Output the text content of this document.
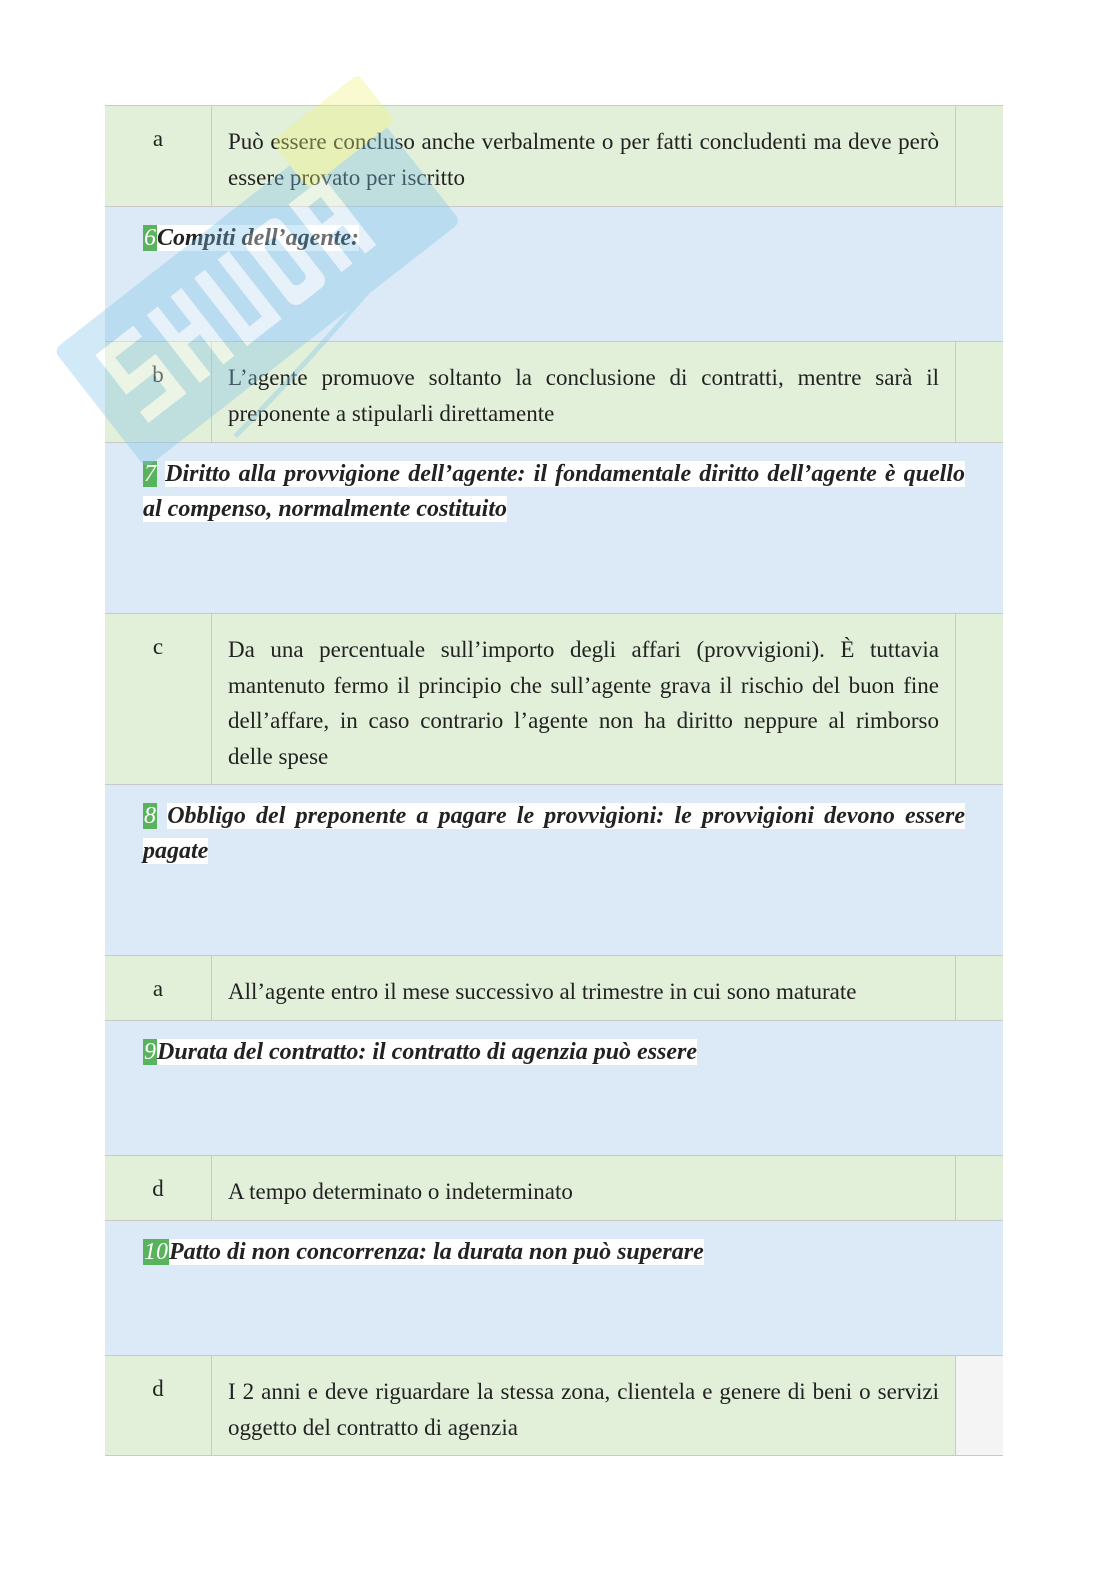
a	Può essere concluso anche verbalmente o per fatti concludenti ma deve però essere provato per iscritto
6Compiti dell’agente:
b	L’agente promuove soltanto la conclusione di contratti, mentre sarà il preponente a stipularli direttamente
7 Diritto alla provvigione dell’agente: il fondamentale diritto dell’agente è quello al compenso, normalmente costituito
c	Da una percentuale sull’importo degli affari (provvigioni). È tuttavia mantenuto fermo il principio che sull’agente grava il rischio del buon fine dell’affare, in caso contrario l’agente non ha diritto neppure al rimborso delle spese
8 Obbligo del preponente a pagare le provvigioni: le provvigioni devono essere pagate
a	All’agente entro il mese successivo al trimestre in cui sono maturate
9Durata del contratto: il contratto di agenzia può essere
d	A tempo determinato o indeterminato
10Patto di non concorrenza: la durata non può superare
d	I 2 anni e deve riguardare la stessa zona, clientela e genere di beni o servizi oggetto del contratto di agenzia
